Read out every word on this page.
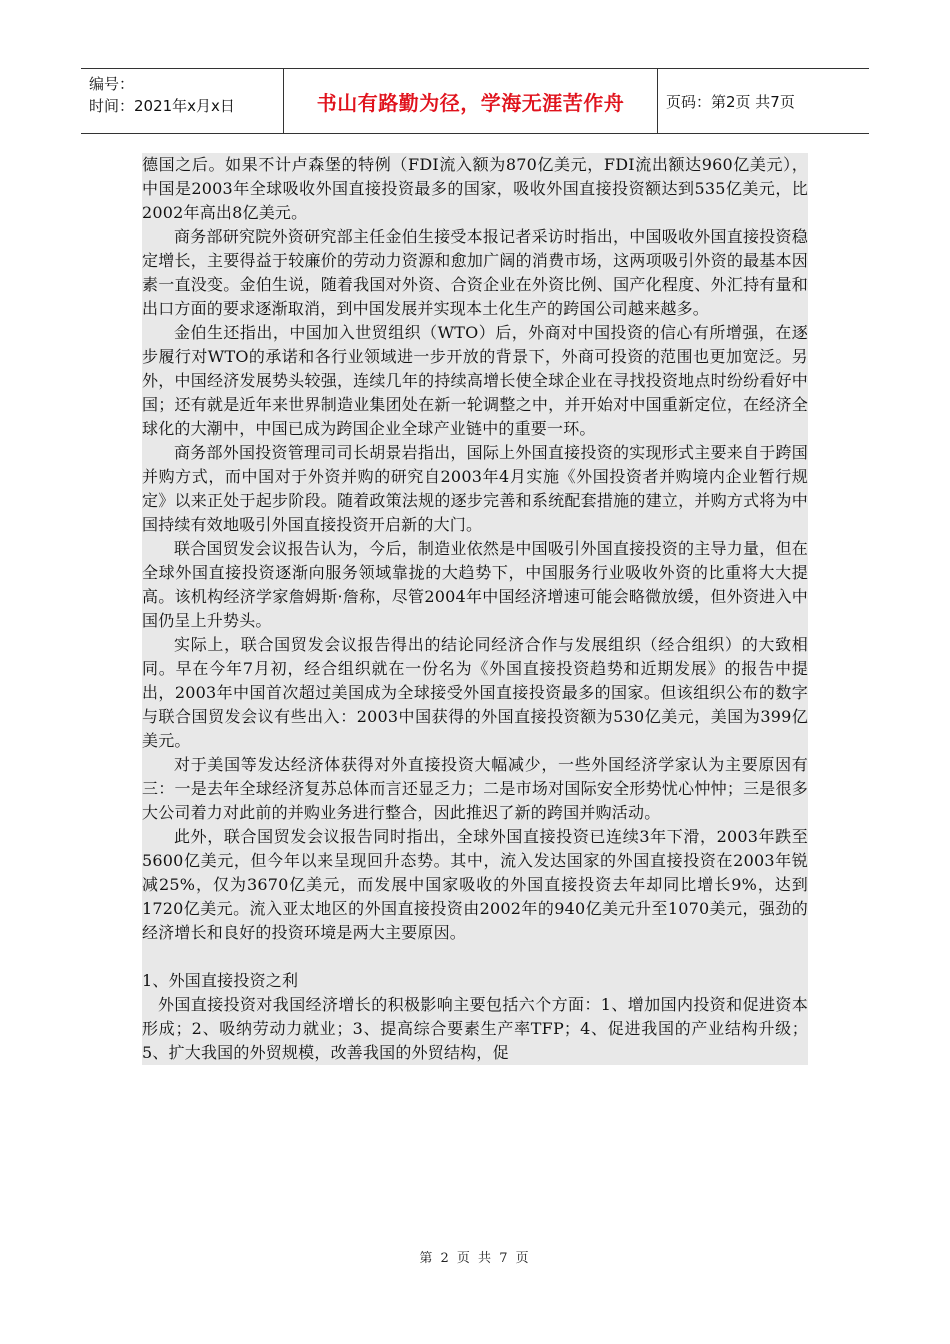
编号：
时间：2021年x月x日	书山有路勤为径，学海无涯苦作舟	页码：第2页 共7页

德国之后。如果不计卢森堡的特例（FDI流入额为870亿美元，FDI流出额达960亿美元），中国是2003年全球吸收外国直接投资最多的国家，吸收外国直接投资额达到535亿美元，比2002年高出8亿美元。

商务部研究院外资研究部主任金伯生接受本报记者采访时指出，中国吸收外国直接投资稳定增长，主要得益于较廉价的劳动力资源和愈加广阔的消费市场，这两项吸引外资的最基本因素一直没变。金伯生说，随着我国对外资、合资企业在外资比例、国产化程度、外汇持有量和出口方面的要求逐渐取消，到中国发展并实现本土化生产的跨国公司越来越多。

金伯生还指出，中国加入世贸组织（WTO）后，外商对中国投资的信心有所增强，在逐步履行对WTO的承诺和各行业领域进一步开放的背景下，外商可投资的范围也更加宽泛。另外，中国经济发展势头较强，连续几年的持续高增长使全球企业在寻找投资地点时纷纷看好中国；还有就是近年来世界制造业集团处在新一轮调整之中，并开始对中国重新定位，在经济全球化的大潮中，中国已成为跨国企业全球产业链中的重要一环。

商务部外国投资管理司司长胡景岩指出，国际上外国直接投资的实现形式主要来自于跨国并购方式，而中国对于外资并购的研究自2003年4月实施《外国投资者并购境内企业暂行规定》以来正处于起步阶段。随着政策法规的逐步完善和系统配套措施的建立，并购方式将为中国持续有效地吸引外国直接投资开启新的大门。

联合国贸发会议报告认为，今后，制造业依然是中国吸引外国直接投资的主导力量，但在全球外国直接投资逐渐向服务领域靠拢的大趋势下，中国服务行业吸收外资的比重将大大提高。该机构经济学家詹姆斯·詹称，尽管2004年中国经济增速可能会略微放缓，但外资进入中国仍呈上升势头。

实际上，联合国贸发会议报告得出的结论同经济合作与发展组织（经合组织）的大致相同。早在今年7月初，经合组织就在一份名为《外国直接投资趋势和近期发展》的报告中提出，2003年中国首次超过美国成为全球接受外国直接投资最多的国家。但该组织公布的数字与联合国贸发会议有些出入：2003中国获得的外国直接投资额为530亿美元，美国为399亿美元。

对于美国等发达经济体获得对外直接投资大幅减少，一些外国经济学家认为主要原因有三：一是去年全球经济复苏总体而言还显乏力；二是市场对国际安全形势忧心忡忡；三是很多大公司着力对此前的并购业务进行整合，因此推迟了新的跨国并购活动。

此外，联合国贸发会议报告同时指出，全球外国直接投资已连续3年下滑，2003年跌至5600亿美元，但今年以来呈现回升态势。其中，流入发达国家的外国直接投资在2003年锐减25%，仅为3670亿美元，而发展中国家吸收的外国直接投资去年却同比增长9%，达到1720亿美元。流入亚太地区的外国直接投资由2002年的940亿美元升至1070美元，强劲的经济增长和良好的投资环境是两大主要原因。

1、外国直接投资之利

外国直接投资对我国经济增长的积极影响主要包括六个方面：1、增加国内投资和促进资本形成；2、吸纳劳动力就业；3、提高综合要素生产率TFP；4、促进我国的产业结构升级；5、扩大我国的外贸规模，改善我国的外贸结构，促

第 2 页 共 7 页
